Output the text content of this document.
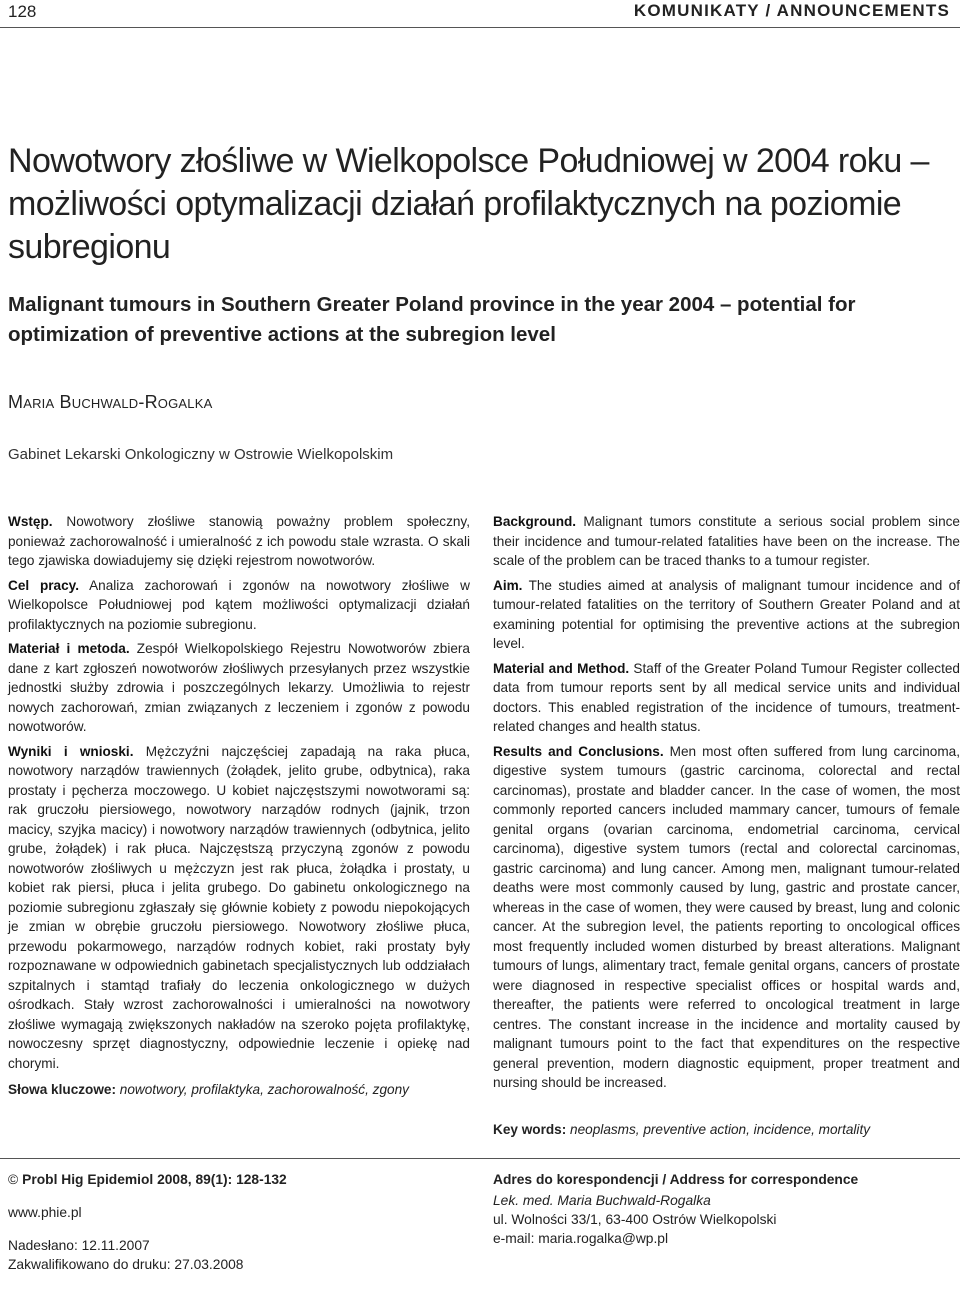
128	KOMUNIKATY / ANNOUNCEMENTS
Nowotwory złośliwe w Wielkopolsce Południowej w 2004 roku – możliwości optymalizacji działań profilaktycznych na poziomie subregionu
Malignant tumours in Southern Greater Poland province in the year 2004 – potential for optimization of preventive actions at the subregion level
Maria Buchwald-Rogalka
Gabinet Lekarski Onkologiczny w Ostrowie Wielkopolskim

Wstęp. Nowotwory złośliwe stanowią poważny problem społeczny, ponieważ zachorowalność i umieralność z ich powodu stale wzrasta. O skali tego zjawiska dowiadujemy się dzięki rejestrom nowotworów.

Cel pracy. Analiza zachorowań i zgonów na nowotwory złośliwe w Wielkopolsce Południowej pod kątem możliwości optymalizacji działań profilaktycznych na poziomie subregionu.

Materiał i metoda. Zespół Wielkopolskiego Rejestru Nowotworów zbiera dane z kart zgłoszeń nowotworów złośliwych przesyłanych przez wszystkie jednostki służby zdrowia i poszczególnych lekarzy. Umożliwia to rejestr nowych zachorowań, zmian związanych z leczeniem i zgonów z powodu nowotworów.

Wyniki i wnioski. Mężczyźni najczęściej zapadają na raka płuca, nowotwory narządów trawiennych (żołądek, jelito grube, odbytnica), raka prostaty i pęcherza moczowego. U kobiet najczęstszymi nowotworami są: rak gruczołu piersiowego, nowotwory narządów rodnych (jajnik, trzon macicy, szyjka macicy) i nowotwory narządów trawiennych (odbytnica, jelito grube, żołądek) i rak płuca. Najczęstszą przyczyną zgonów z powodu nowotworów złośliwych u mężczyzn jest rak płuca, żołądka i prostaty, u kobiet rak piersi, płuca i jelita grubego. Do gabinetu onkologicznego na poziomie subregionu zgłaszały się głównie kobiety z powodu niepokojących je zmian w obrębie gruczołu piersiowego. Nowotwory złośliwe płuca, przewodu pokarmowego, narządów rodnych kobiet, raki prostaty były rozpoznawane w odpowiednich gabinetach specjalistycznych lub oddziałach szpitalnych i stamtąd trafiały do leczenia onkologicznego w dużych ośrodkach. Stały wzrost zachorowalności i umieralności na nowotwory złośliwe wymagają zwiększonych nakładów na szeroko pojęta profilaktykę, nowoczesny sprzęt diagnostyczny, odpowiednie leczenie i opiekę nad chorymi.

Słowa kluczowe: nowotwory, profilaktyka, zachorowalność, zgony

Background. Malignant tumors constitute a serious social problem since their incidence and tumour-related fatalities have been on the increase. The scale of the problem can be traced thanks to a tumour register.

Aim. The studies aimed at analysis of malignant tumour incidence and of tumour-related fatalities on the territory of Southern Greater Poland and at examining potential for optimising the preventive actions at the subregion level.

Material and Method. Staff of the Greater Poland Tumour Register collected data from tumour reports sent by all medical service units and individual doctors. This enabled registration of the incidence of tumours, treatment-related changes and health status.

Results and Conclusions. Men most often suffered from lung carcinoma, digestive system tumours (gastric carcinoma, colorectal and rectal carcinomas), prostate and bladder cancer. In the case of women, the most commonly reported cancers included mammary cancer, tumours of female genital organs (ovarian carcinoma, endometrial carcinoma, cervical carcinoma), digestive system tumors (rectal and colorectal carcinomas, gastric carcinoma) and lung cancer. Among men, malignant tumour-related deaths were most commonly caused by lung, gastric and prostate cancer, whereas in the case of women, they were caused by breast, lung and colonic cancer. At the subregion level, the patients reporting to oncological offices most frequently included women disturbed by breast alterations. Malignant tumours of lungs, alimentary tract, female genital organs, cancers of prostate were diagnosed in respective specialist offices or hospital wards and, thereafter, the patients were referred to oncological treatment in large centres. The constant increase in the incidence and mortality caused by malignant tumours point to the fact that expenditures on the respective general prevention, modern diagnostic equipment, proper treatment and nursing should be increased.

Key words: neoplasms, preventive action, incidence, mortality
© Probl Hig Epidemiol 2008, 89(1): 128-132
www.phie.pl
Nadesłano: 12.11.2007
Zakwalifikowano do druku: 27.03.2008
Adres do korespondencji / Address for correspondence
Lek. med. Maria Buchwald-Rogalka
ul. Wolności 33/1, 63-400 Ostrów Wielkopolski
e-mail: maria.rogalka@wp.pl
